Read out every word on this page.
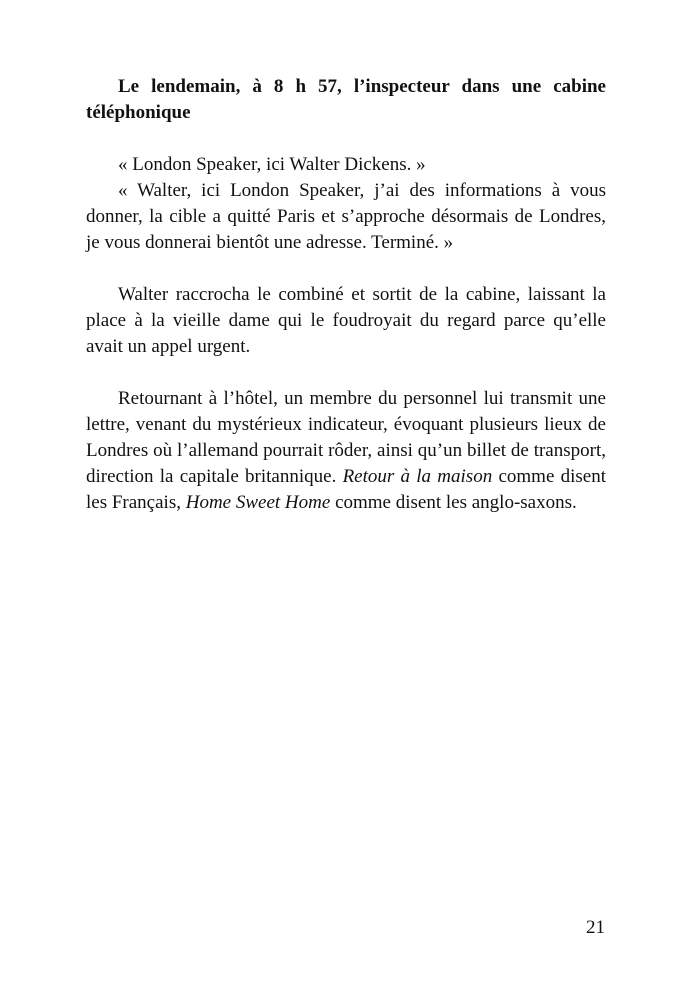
Le lendemain, à 8 h 57, l’inspecteur dans une cabine téléphonique

« London Speaker, ici Walter Dickens. »

« Walter, ici London Speaker, j’ai des informations à vous donner, la cible a quitté Paris et s’approche désormais de Londres, je vous donnerai bientôt une adresse. Terminé. »

Walter raccrocha le combiné et sortit de la cabine, laissant la place à la vieille dame qui le foudroyait du regard parce qu’elle avait un appel urgent.

Retournant à l’hôtel, un membre du personnel lui transmit une lettre, venant du mystérieux indicateur, évoquant plusieurs lieux de Londres où l’allemand pourrait rôder, ainsi qu’un billet de transport, direction la capitale britannique. Retour à la maison comme disent les Français, Home Sweet Home comme disent les anglo-saxons.

21
